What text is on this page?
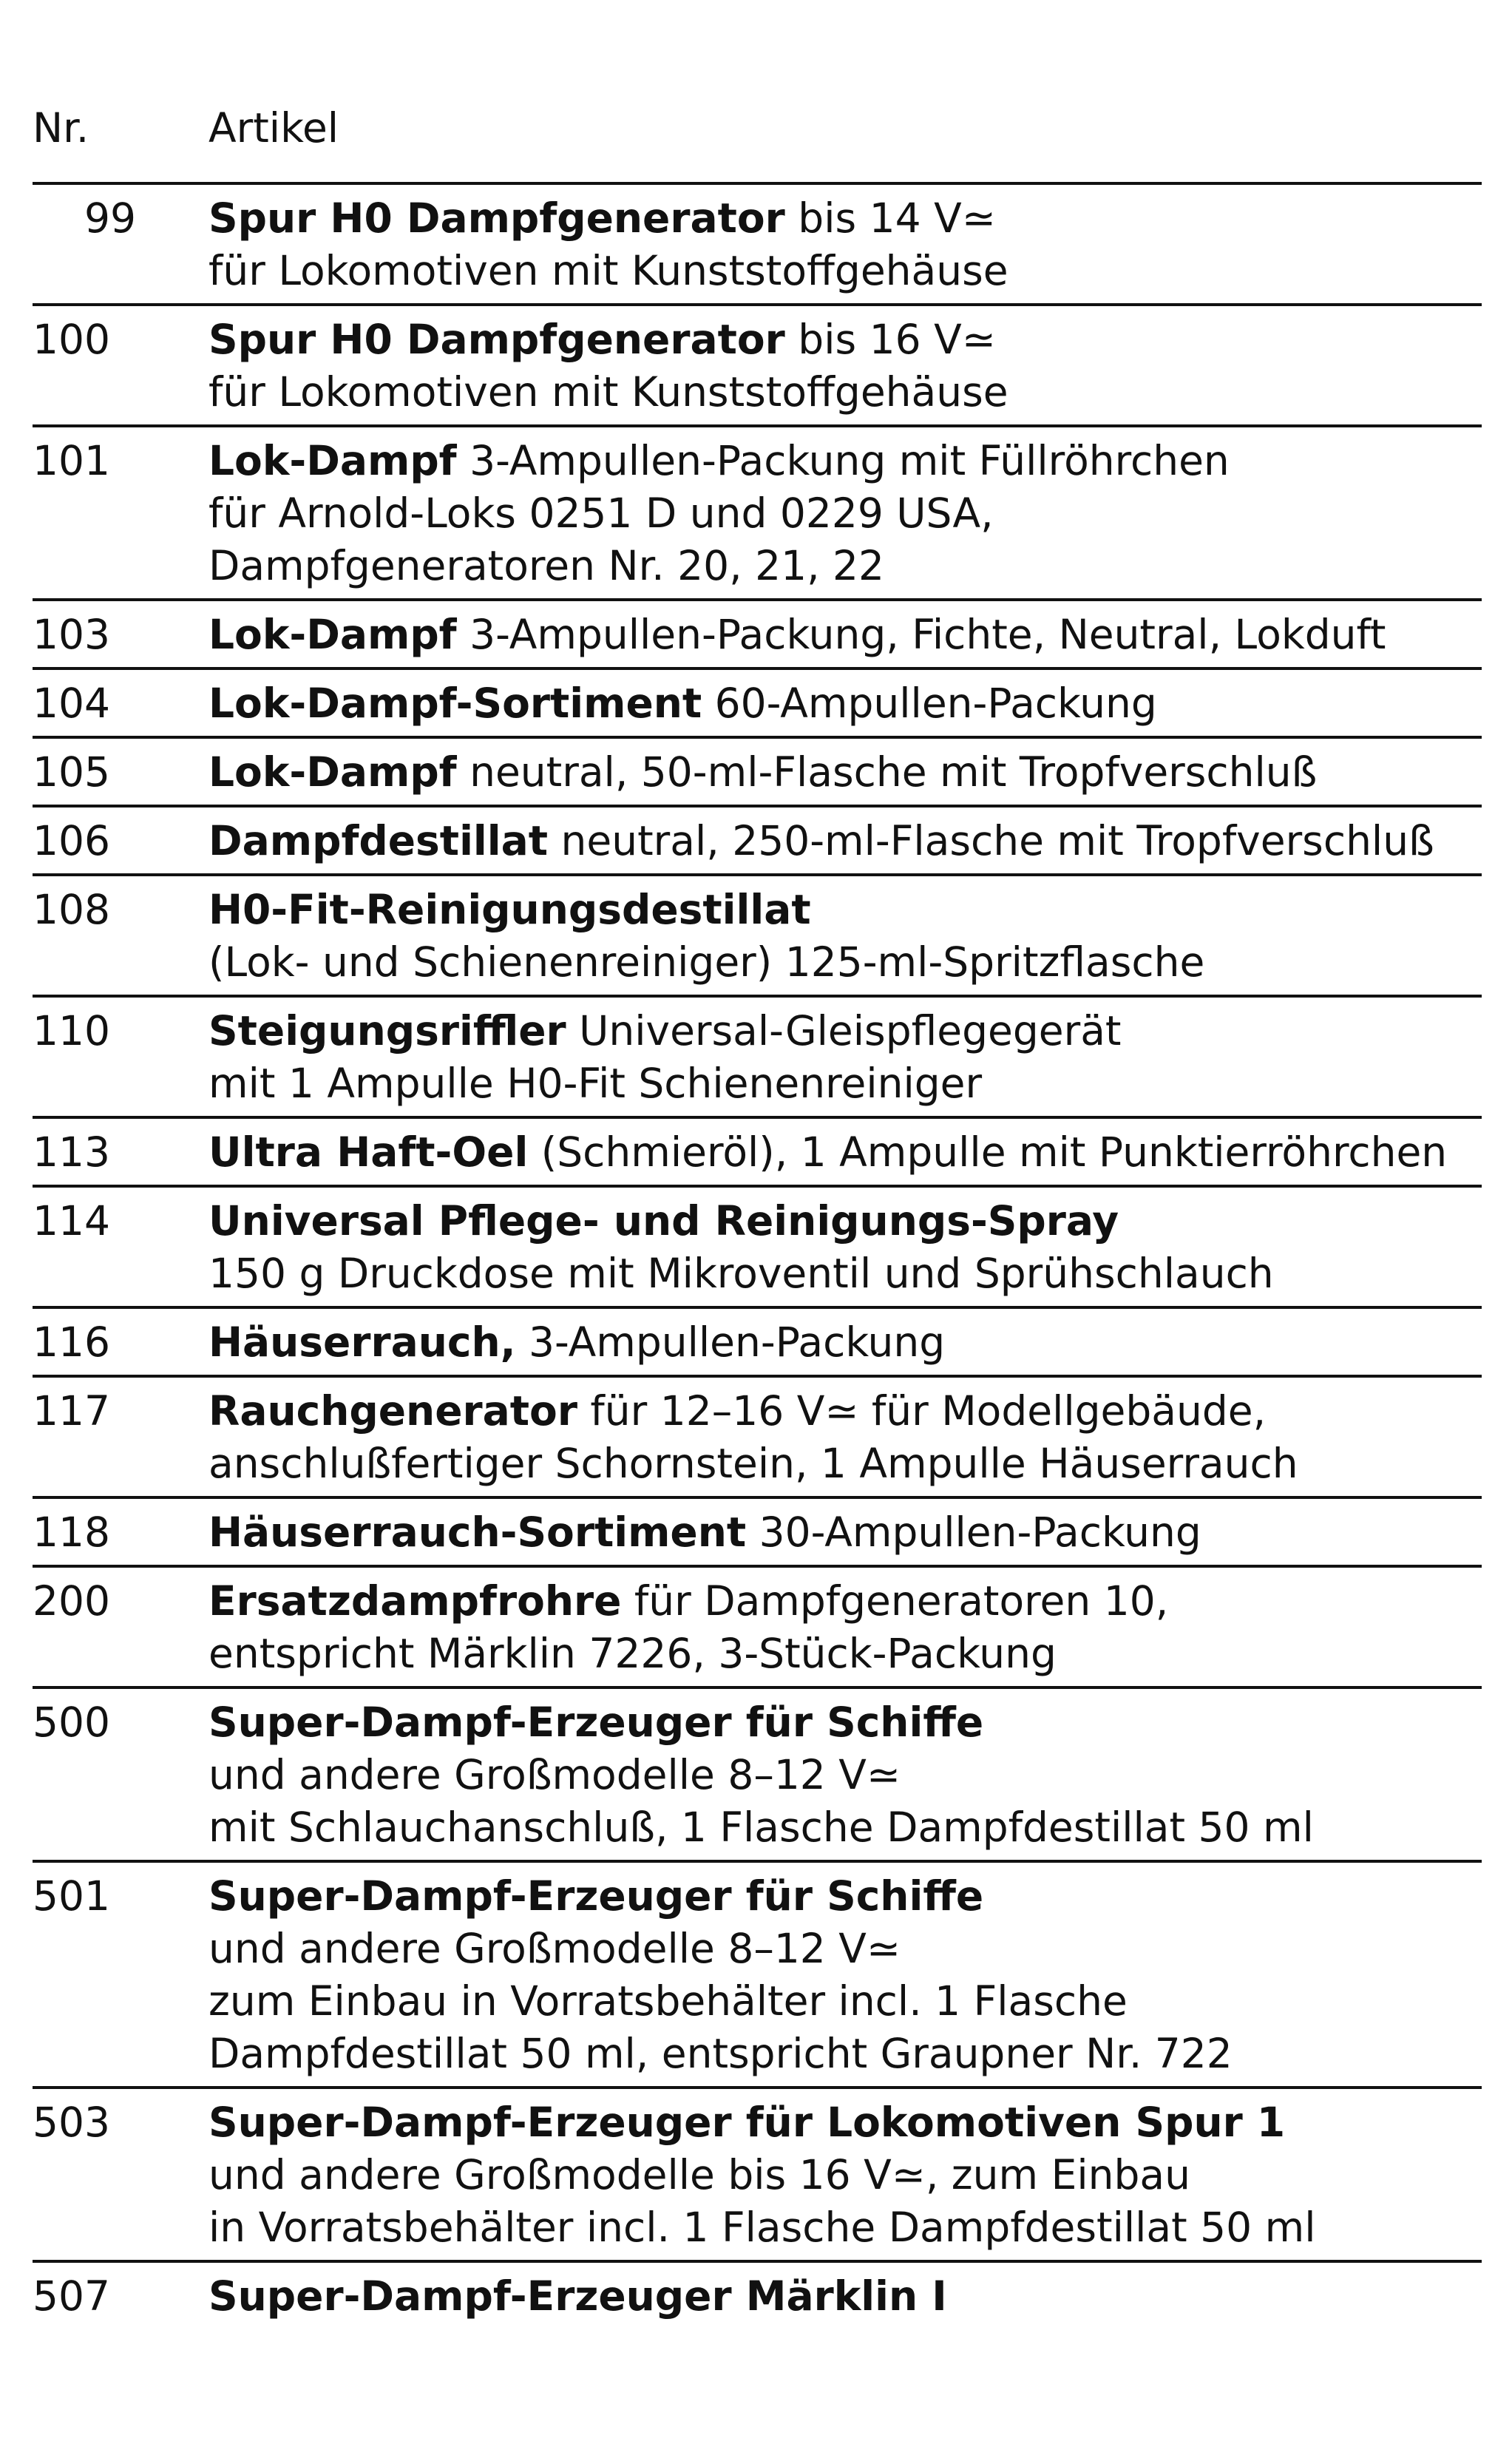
Nr.	Artikel
99 Spur H0 Dampfgenerator bis 14 V≃
für Lokomotiven mit Kunststoffgehäuse
100	Spur H0 Dampfgenerator bis 16 V≃
für Lokomotiven mit Kunststoffgehäuse
101	Lok-Dampf 3-Ampullen-Packung mit Füllröhrchen
für Arnold-Loks 0251 D und 0229 USA,
Dampfgeneratoren Nr. 20, 21, 22
103	Lok-Dampf 3-Ampullen-Packung, Fichte, Neutral, Lokduft
104	Lok-Dampf-Sortiment 60-Ampullen-Packung
105	Lok-Dampf neutral, 50-ml-Flasche mit Tropfverschluß
106	Dampfdestillat neutral, 250-ml-Flasche mit Tropfverschluß
108	H0-Fit-Reinigungsdestillat
(Lok- und Schienenreiniger) 125-ml-Spritzflasche
110	Steigungsriffler Universal-Gleispflegegerät
mit 1 Ampulle H0-Fit Schienenreiniger
113	Ultra Haft-Oel (Schmieröl), 1 Ampulle mit Punktierröhrchen
114	Universal Pflege- und Reinigungs-Spray
150 g Druckdose mit Mikroventil und Sprühschlauch
116	Häuserrauch, 3-Ampullen-Packung
117	Rauchgenerator für 12–16 V≃ für Modellgebäude,
anschlußfertiger Schornstein, 1 Ampulle Häuserrauch
118	Häuserrauch-Sortiment 30-Ampullen-Packung
200	Ersatzdampfrohre für Dampfgeneratoren 10,
entspricht Märklin 7226, 3-Stück-Packung
500	Super-Dampf-Erzeuger für Schiffe
und andere Großmodelle 8–12 V≃
mit Schlauchanschluß, 1 Flasche Dampfdestillat 50 ml
501	Super-Dampf-Erzeuger für Schiffe
und andere Großmodelle 8–12 V≃
zum Einbau in Vorratsbehälter incl. 1 Flasche
Dampfdestillat 50 ml, entspricht Graupner Nr. 722
503	Super-Dampf-Erzeuger für Lokomotiven Spur 1
und andere Großmodelle bis 16 V≃, zum Einbau
in Vorratsbehälter incl. 1 Flasche Dampfdestillat 50 ml
507	Super-Dampf-Erzeuger Märklin I
